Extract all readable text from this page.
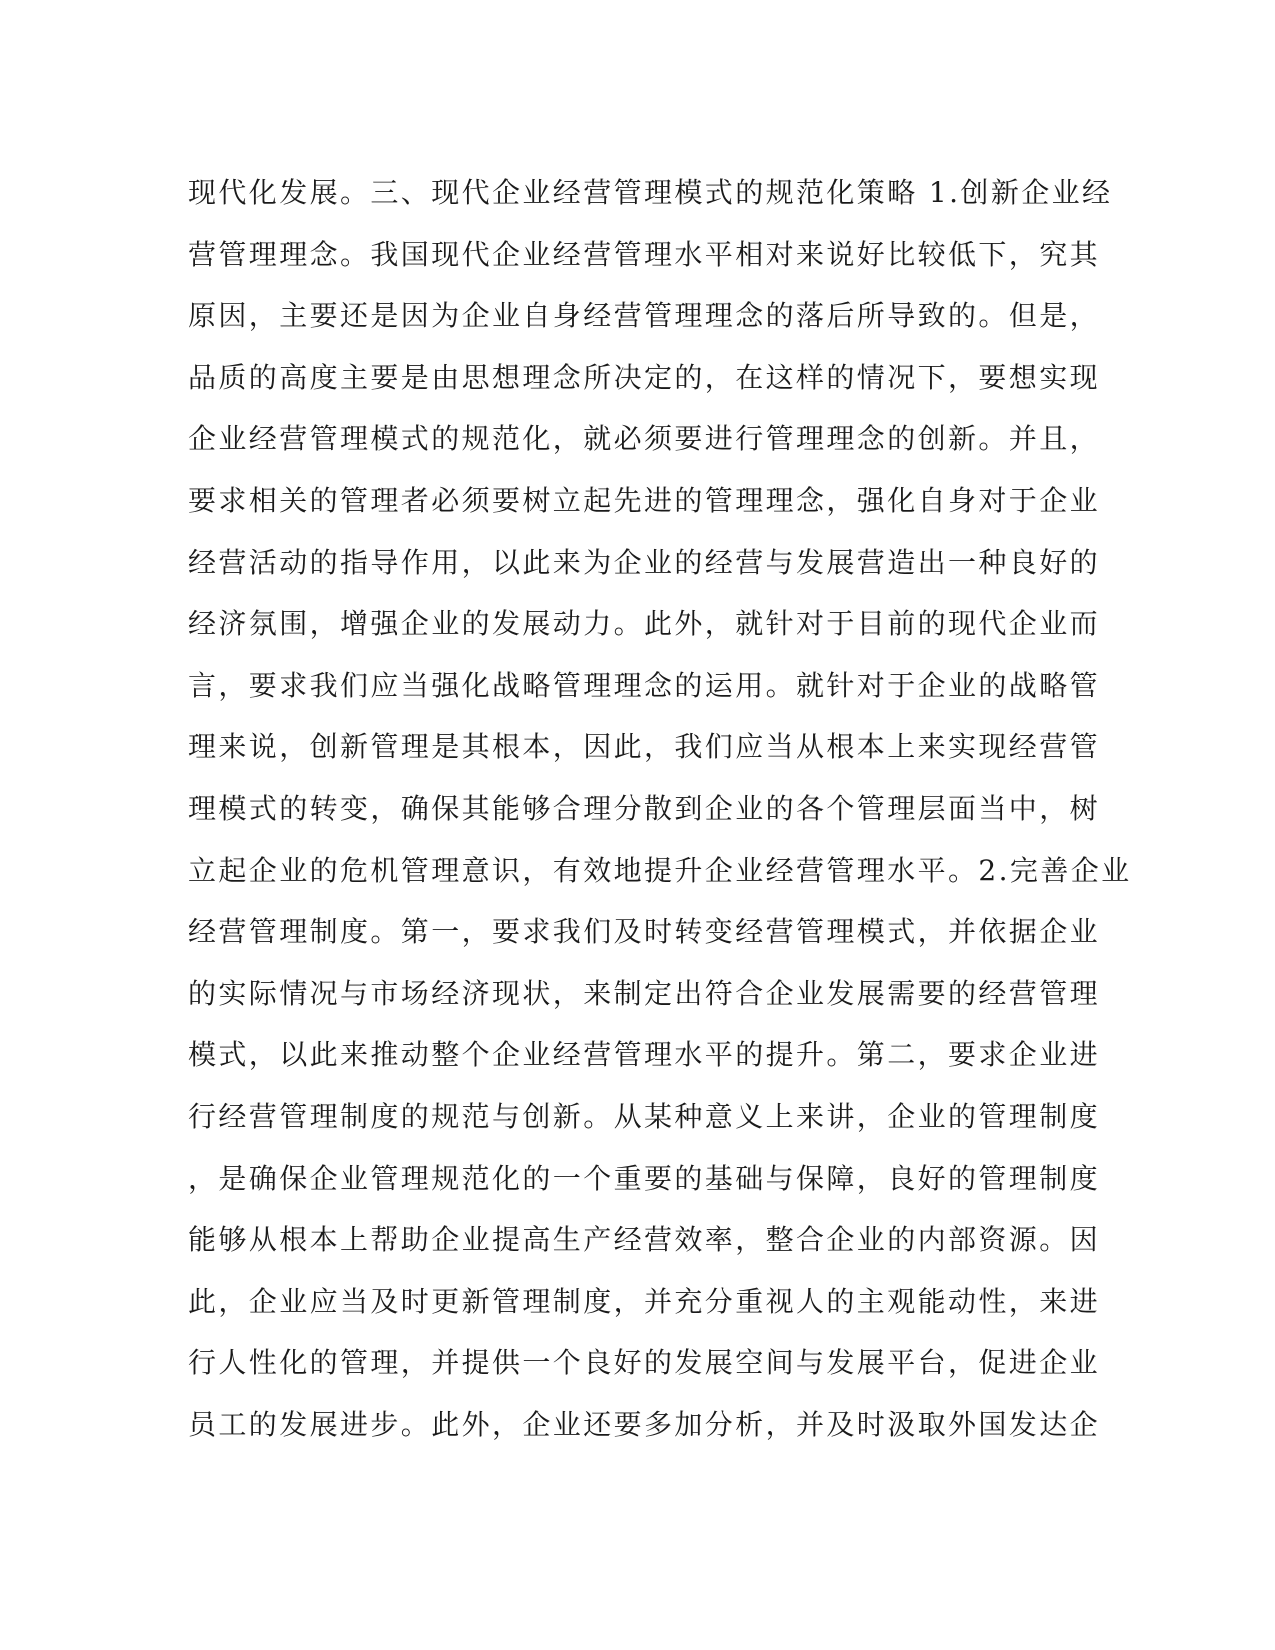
现代化发展。三、现代企业经营管理模式的规范化策略 1.创新企业经
营管理理念。我国现代企业经营管理水平相对来说好比较低下，究其
原因，主要还是因为企业自身经营管理理念的落后所导致的。但是，
品质的高度主要是由思想理念所决定的，在这样的情况下，要想实现
企业经营管理模式的规范化，就必须要进行管理理念的创新。并且，
要求相关的管理者必须要树立起先进的管理理念，强化自身对于企业
经营活动的指导作用，以此来为企业的经营与发展营造出一种良好的
经济氛围，增强企业的发展动力。此外，就针对于目前的现代企业而
言，要求我们应当强化战略管理理念的运用。就针对于企业的战略管
理来说，创新管理是其根本，因此，我们应当从根本上来实现经营管
理模式的转变，确保其能够合理分散到企业的各个管理层面当中，树
立起企业的危机管理意识，有效地提升企业经营管理水平。2.完善企业
经营管理制度。第一，要求我们及时转变经营管理模式，并依据企业
的实际情况与市场经济现状，来制定出符合企业发展需要的经营管理
模式，以此来推动整个企业经营管理水平的提升。第二，要求企业进
行经营管理制度的规范与创新。从某种意义上来讲，企业的管理制度
，是确保企业管理规范化的一个重要的基础与保障，良好的管理制度
能够从根本上帮助企业提高生产经营效率，整合企业的内部资源。因
此，企业应当及时更新管理制度，并充分重视人的主观能动性，来进
行人性化的管理，并提供一个良好的发展空间与发展平台，促进企业
员工的发展进步。此外，企业还要多加分析，并及时汲取外国发达企
